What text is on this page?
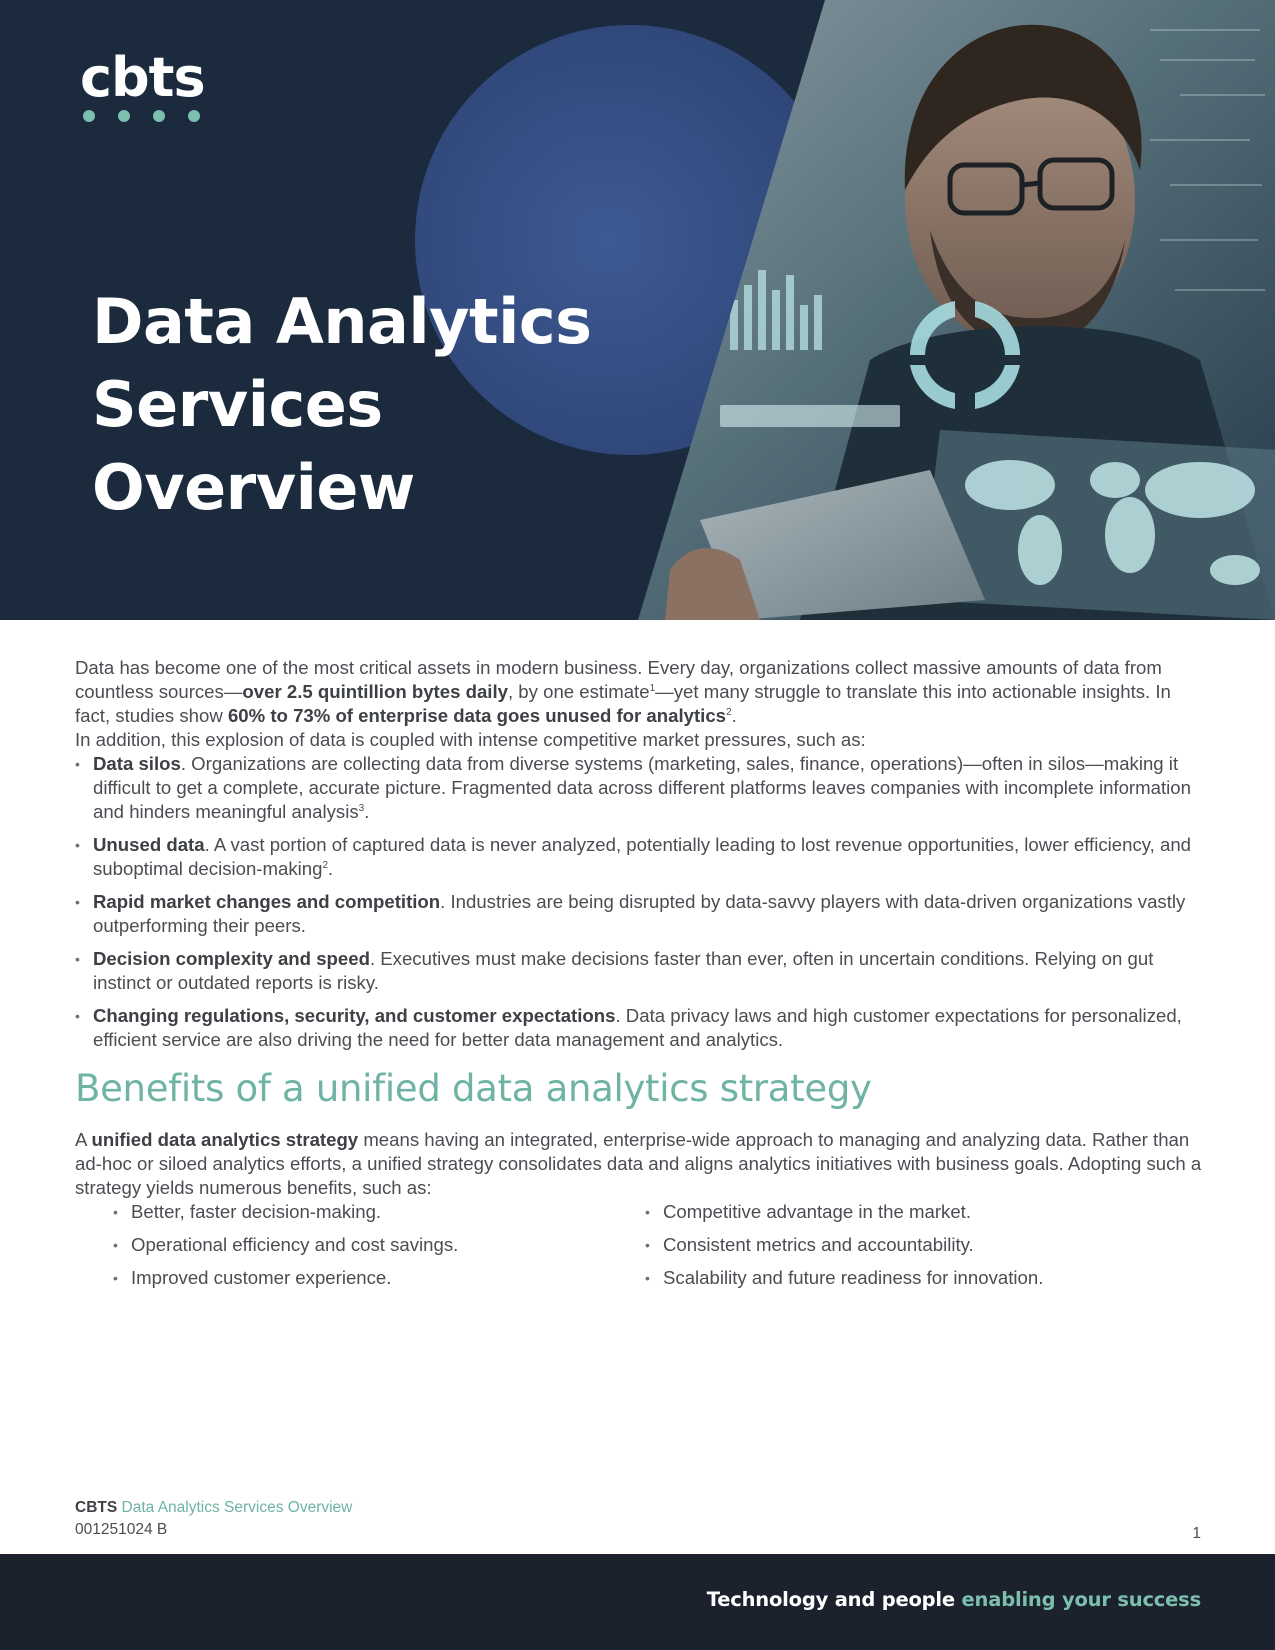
cbts
Data Analytics
Services
Overview

Data has become one of the most critical assets in modern business. Every day, organizations collect massive amounts of data from countless sources—over 2.5 quintillion bytes daily, by one estimate$^1$—yet many struggle to translate this into actionable insights. In fact, studies show 60% to 73% of enterprise data goes unused for analytics$^2$.

In addition, this explosion of data is coupled with intense competitive market pressures, such as:

• Data silos. Organizations are collecting data from diverse systems (marketing, sales, finance, operations)—often in silos—making it difficult to get a complete, accurate picture. Fragmented data across different platforms leaves companies with incomplete information and hinders meaningful analysis$^3$.
• Unused data. A vast portion of captured data is never analyzed, potentially leading to lost revenue opportunities, lower efficiency, and suboptimal decision-making$^2$.
• Rapid market changes and competition. Industries are being disrupted by data-savvy players with data-driven organizations vastly outperforming their peers.
• Decision complexity and speed. Executives must make decisions faster than ever, often in uncertain conditions. Relying on gut instinct or outdated reports is risky.
• Changing regulations, security, and customer expectations. Data privacy laws and high customer expectations for personalized, efficient service are also driving the need for better data management and analytics.
Benefits of a unified data analytics strategy

A unified data analytics strategy means having an integrated, enterprise-wide approach to managing and analyzing data. Rather than ad-hoc or siloed analytics efforts, a unified strategy consolidates data and aligns analytics initiatives with business goals. Adopting such a strategy yields numerous benefits, such as:

• Better, faster decision-making.
• Operational efficiency and cost savings.
• Improved customer experience.
• Competitive advantage in the market.
• Consistent metrics and accountability.
• Scalability and future readiness for innovation.
CBTS Data Analytics Services Overview
001251024 B	1
Technology and people enabling your success
